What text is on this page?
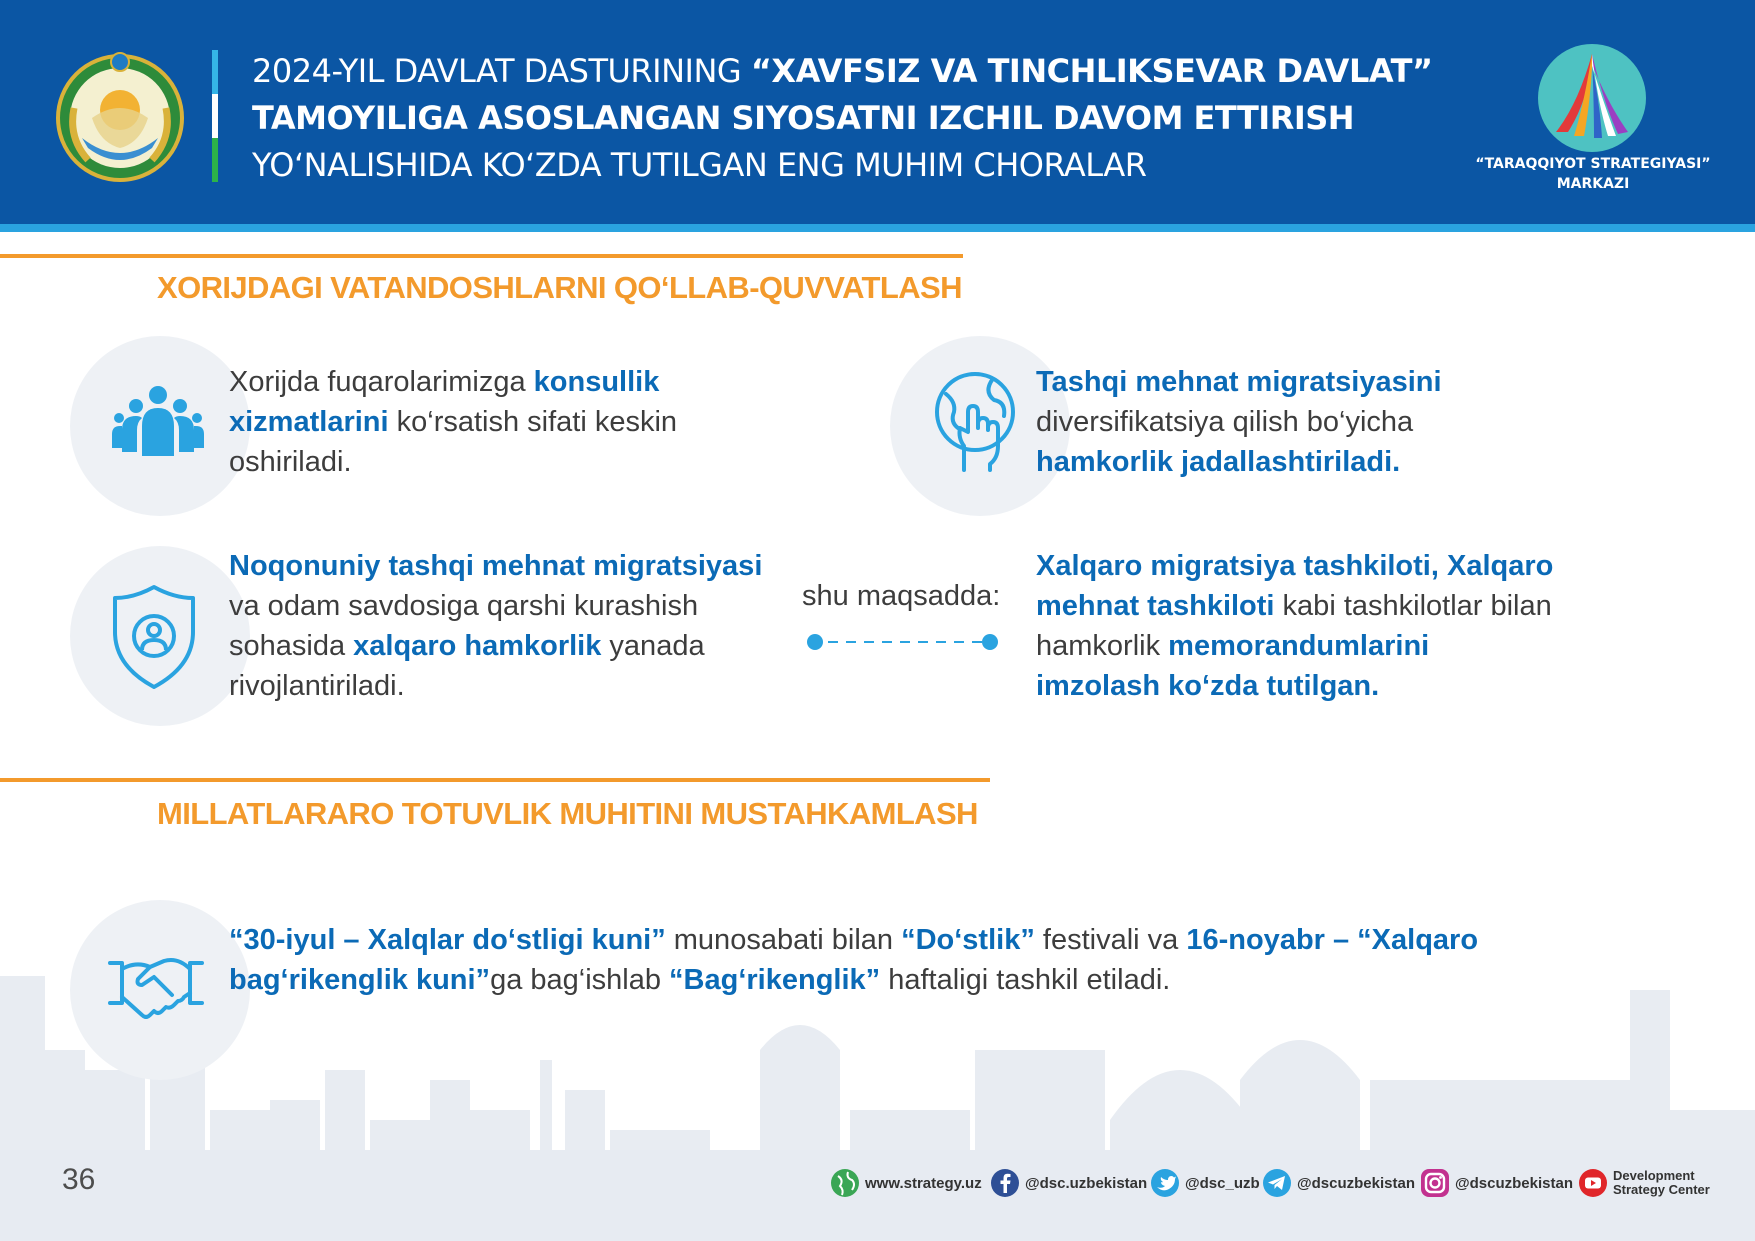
2024-YIL DAVLAT DASTURINING “XAVFSIZ VA TINCHLIKSEVAR DAVLAT”
TAMOYILIGA ASOSLANGAN SIYOSATNI IZCHIL DAVOM ETTIRISH
YO‘NALISHIDA KO‘ZDA TUTILGAN ENG MUHIM CHORALAR	“TARAQQIYOT STRATEGIYASI”
MARKAZI
XORIJDAGI VATANDOSHLARNI QO‘LLAB-QUVVATLASH
Xorijda fuqarolarimizga konsullik xizmatlarini ko‘rsatish sifati keskin oshiriladi.
Tashqi mehnat migratsiyasini diversifikatsiya qilish bo‘yicha hamkorlik jadallashtiriladi.
Noqonuniy tashqi mehnat migratsiyasi va odam savdosiga qarshi kurashish sohasida xalqaro hamkorlik yanada rivojlantiriladi.
shu maqsadda:
Xalqaro migratsiya tashkiloti, Xalqaro mehnat tashkiloti kabi tashkilotlar bilan hamkorlik memorandumlarini imzolash ko‘zda tutilgan.
MILLATLARARO TOTUVLIK MUHITINI MUSTAHKAMLASH
“30-iyul – Xalqlar do‘stligi kuni” munosabati bilan “Do‘stlik” festivali va 16-noyabr – “Xalqaro bag‘rikenglik kuni”ga bag‘ishlab “Bag‘rikenglik” haftaligi tashkil etiladi.
36	www.strategy.uz	@dsc.uzbekistan	@dsc_uzb @dscuzbekistan	@dscuzbekistan	Development
Strategy Center
